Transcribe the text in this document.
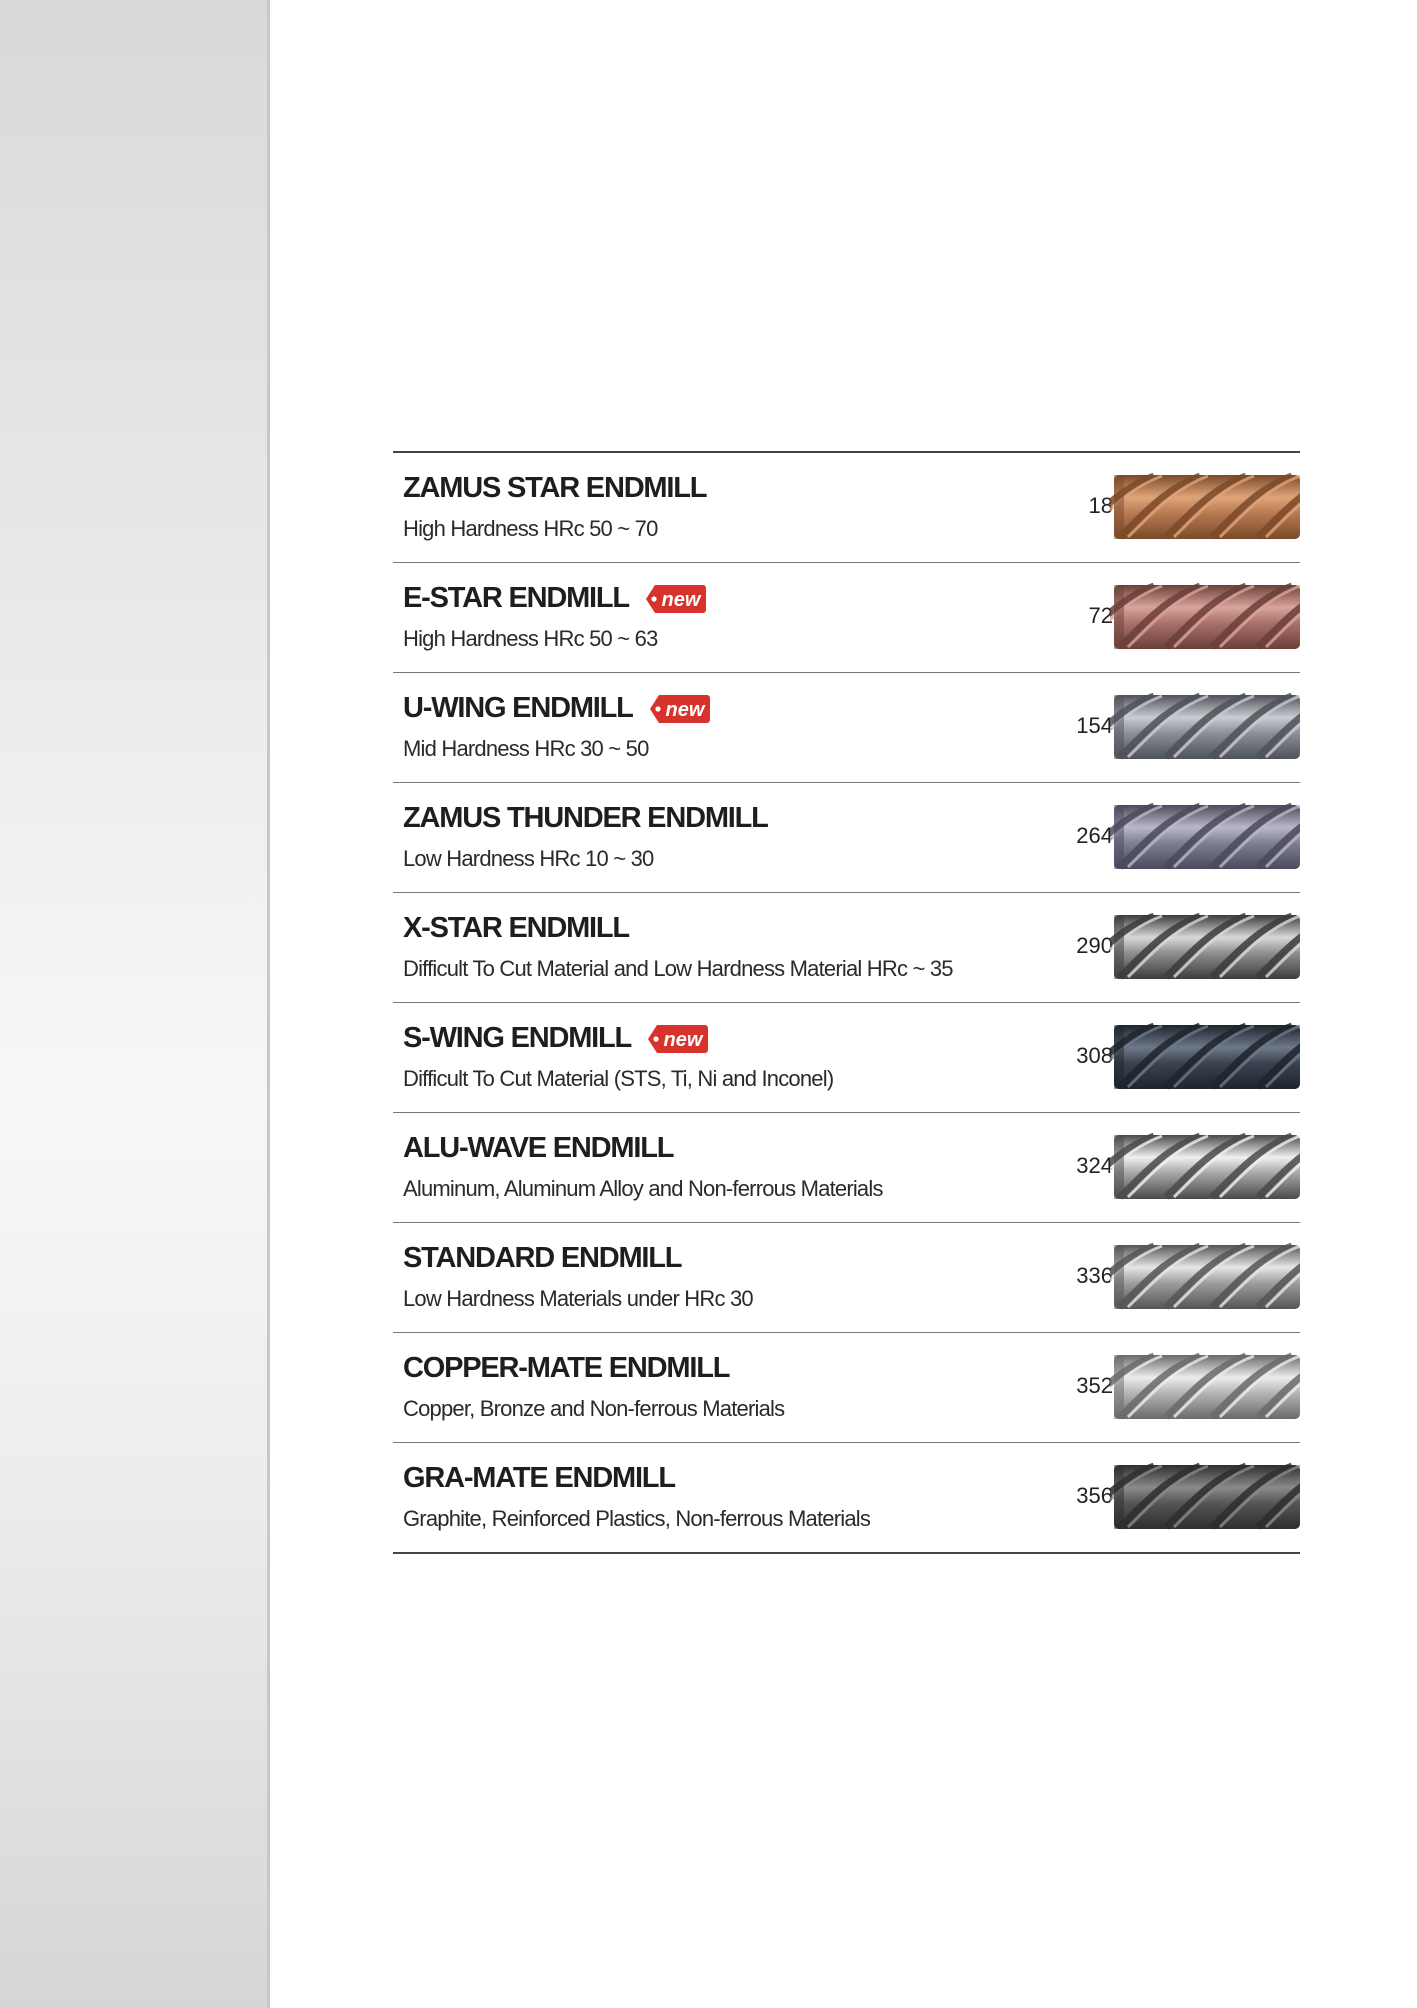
ZAMUS STAR ENDMILL
High Hardness HRc 50 ~ 70
18
E-STAR ENDMILL new
High Hardness HRc 50 ~ 63
72
U-WING ENDMILL new
Mid Hardness HRc 30 ~ 50
154
ZAMUS THUNDER ENDMILL
Low Hardness HRc 10 ~ 30
264
X-STAR ENDMILL
Difficult To Cut Material and Low Hardness Material HRc ~ 35
290
S-WING ENDMILL new
Difficult To Cut Material (STS, Ti, Ni and Inconel)
308
ALU-WAVE ENDMILL
Aluminum, Aluminum Alloy and Non-ferrous Materials
324
STANDARD ENDMILL
Low Hardness Materials under HRc 30
336
COPPER-MATE ENDMILL
Copper, Bronze and Non-ferrous Materials
352
GRA-MATE ENDMILL
Graphite, Reinforced Plastics, Non-ferrous Materials
356
